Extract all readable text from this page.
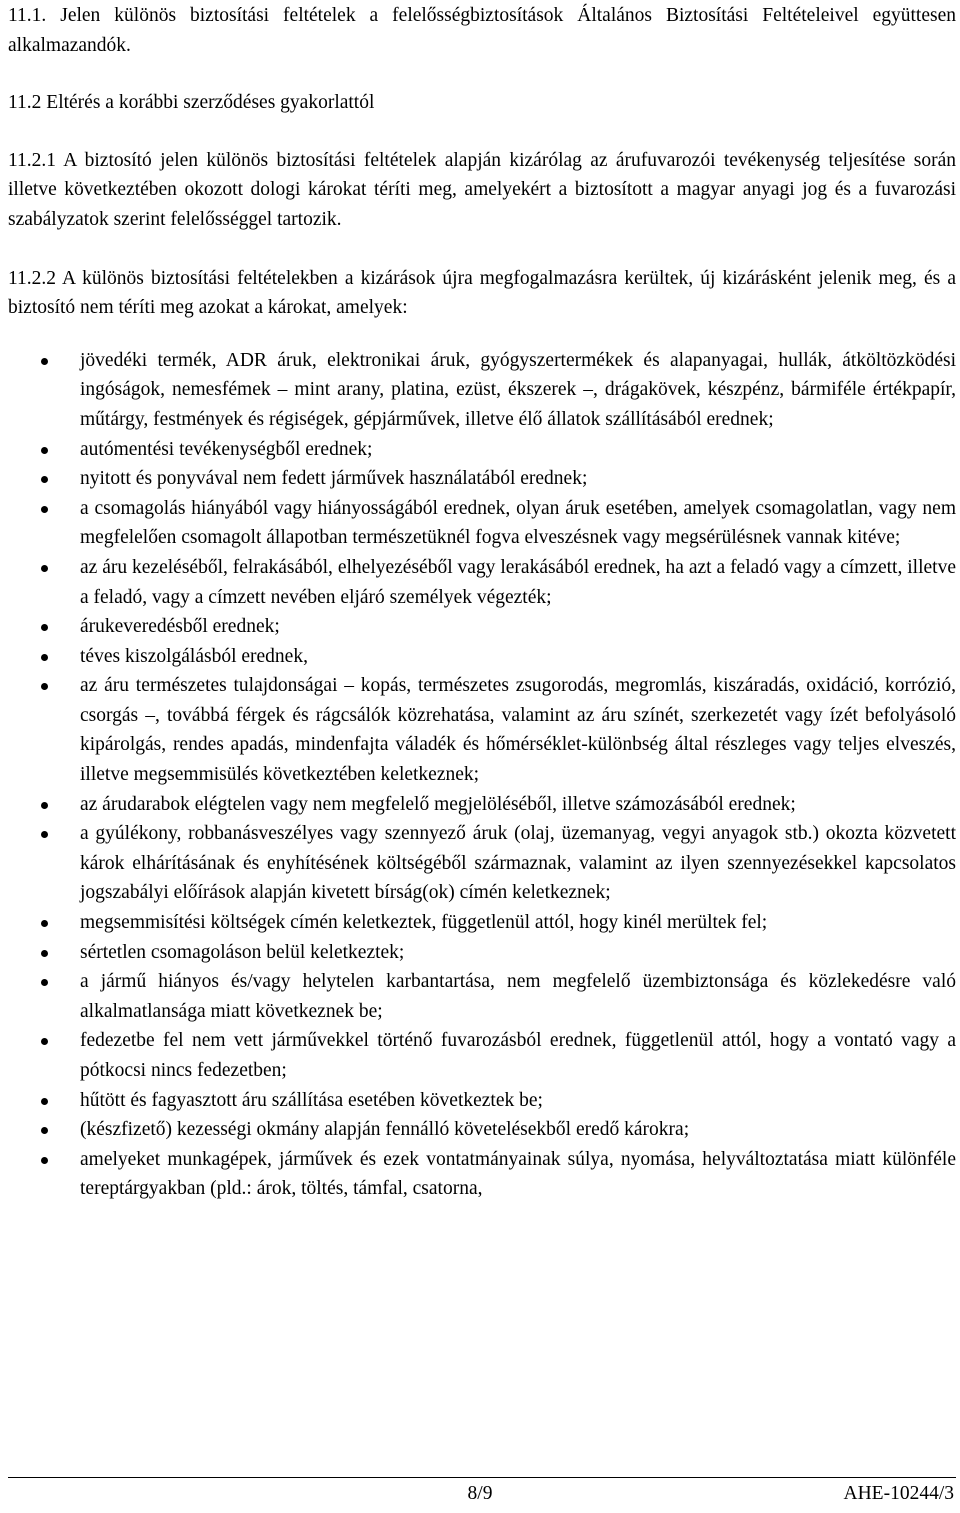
11.1. Jelen különös biztosítási feltételek a felelősségbiztosítások Általános Biztosítási Feltételeivel együttesen alkalmazandók.

11.2 Eltérés a korábbi szerződéses gyakorlattól

11.2.1 A biztosító jelen különös biztosítási feltételek alapján kizárólag az árufuvarozói tevékenység teljesítése során illetve következtében okozott dologi károkat téríti meg, amelyekért a biztosított a magyar anyagi jog és a fuvarozási szabályzatok szerint felelősséggel tartozik.

11.2.2 A különös biztosítási feltételekben a kizárások újra megfogalmazásra kerültek, új kizárásként jelenik meg, és a biztosító nem téríti meg azokat a károkat, amelyek:

jövedéki termék, ADR áruk, elektronikai áruk, gyógyszertermékek és alapanyagai, hullák, átköltözködési ingóságok, nemesfémek – mint arany, platina, ezüst, ékszerek –, drágakövek, készpénz, bármiféle értékpapír, műtárgy, festmények és régiségek, gépjárművek, illetve élő állatok szállításából erednek;
autómentési tevékenységből erednek;
nyitott és ponyvával nem fedett járművek használatából erednek;
a csomagolás hiányából vagy hiányosságából erednek, olyan áruk esetében, amelyek csomagolatlan, vagy nem megfelelően csomagolt állapotban természetüknél fogva elveszésnek vagy megsérülésnek vannak kitéve;
az áru kezeléséből, felrakásából, elhelyezéséből vagy lerakásából erednek, ha azt a feladó vagy a címzett, illetve a feladó, vagy a címzett nevében eljáró személyek végezték;
árukeveredésből erednek;
téves kiszolgálásból erednek,
az áru természetes tulajdonságai – kopás, természetes zsugorodás, megromlás, kiszáradás, oxidáció, korrózió, csorgás –, továbbá férgek és rágcsálók közrehatása, valamint az áru színét, szerkezetét vagy ízét befolyásoló kipárolgás, rendes apadás, mindenfajta váladék és hőmérséklet-különbség által részleges vagy teljes elveszés, illetve megsemmisülés következtében keletkeznek;
az árudarabok elégtelen vagy nem megfelelő megjelöléséből, illetve számozásából erednek;
a gyúlékony, robbanásveszélyes vagy szennyező áruk (olaj, üzemanyag, vegyi anyagok stb.) okozta közvetett károk elhárításának és enyhítésének költségéből származnak, valamint az ilyen szennyezésekkel kapcsolatos jogszabályi előírások alapján kivetett bírság(ok) címén keletkeznek;
megsemmisítési költségek címén keletkeztek, függetlenül attól, hogy kinél merültek fel;
sértetlen csomagoláson belül keletkeztek;
a jármű hiányos és/vagy helytelen karbantartása, nem megfelelő üzembiztonsága és közlekedésre való alkalmatlansága miatt következnek be;
fedezetbe fel nem vett járművekkel történő fuvarozásból erednek, függetlenül attól, hogy a vontató vagy a pótkocsi nincs fedezetben;
hűtött és fagyasztott áru szállítása esetében következtek be;
(készfizető) kezességi okmány alapján fennálló követelésekből eredő károkra;
amelyeket munkagépek, járművek és ezek vontatmányainak súlya, nyomása, helyváltoztatása miatt különféle tereptárgyakban (pld.: árok, töltés, támfal, csatorna,
8/9	AHE-10244/3
